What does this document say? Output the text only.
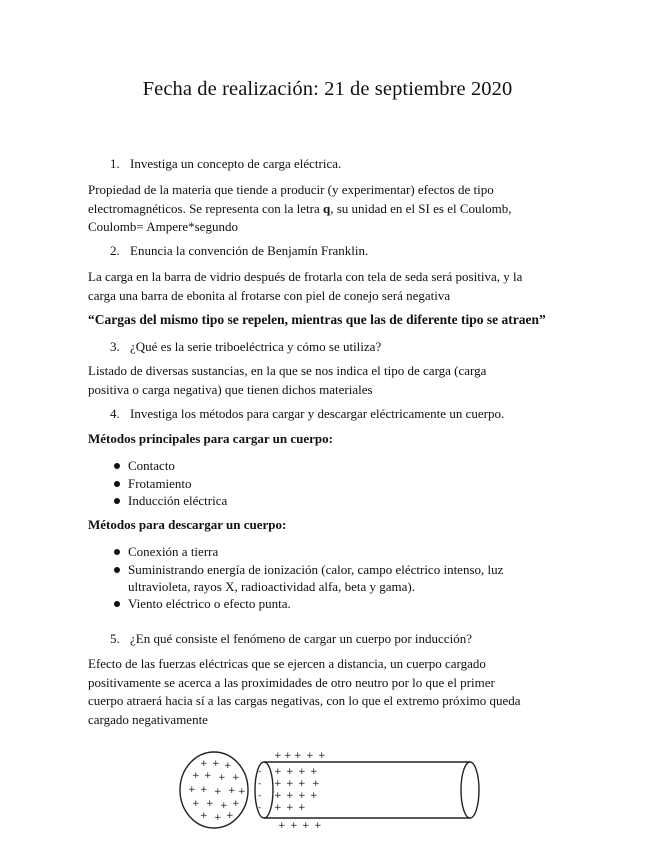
Fecha de realización: 21 de septiembre 2020
1. Investiga un concepto de carga eléctrica.
Propiedad de la materia que tiende a producir (y experimentar) efectos de tipo
electromagnéticos. Se representa con la letra q, su unidad en el SI es el Coulomb,
Coulomb= Ampere*segundo
2. Enuncia la convención de Benjamín Franklin.
La carga en la barra de vidrio después de frotarla con tela de seda será positiva, y la
carga una barra de ebonita al frotarse con piel de conejo será negativa
“Cargas del mismo tipo se repelen, mientras que las de diferente tipo se atraen”
3. ¿Qué es la serie triboeléctrica y cómo se utiliza?
Listado de diversas sustancias, en la que se nos indica el tipo de carga (carga
positiva o carga negativa) que tienen dichos materiales
4. Investiga los métodos para cargar y descargar eléctricamente un cuerpo.
Métodos principales para cargar un cuerpo:
Contacto
Frotamiento
Inducción eléctrica
Métodos para descargar un cuerpo:
Conexión a tierra
Suministrando energía de ionización (calor, campo eléctrico intenso, luz
ultravioleta, rayos X, radioactividad alfa, beta y gama).
Viento eléctrico o efecto punta.
5. ¿En qué consiste el fenómeno de cargar un cuerpo por inducción?
Efecto de las fuerzas eléctricas que se ejercen a distancia, un cuerpo cargado
positivamente se acerca a las proximidades de otro neutro por lo que el primer
cuerpo atraerá hacia sí a las cargas negativas, con lo que el extremo próximo queda
cargado negativamente
+ + +
+ + + +
+ + + + +
+ + + +
+ + +
+ + + + +
-
-
-
-
+ + + +
+ + + +
+ + + +
+ + +
+ + + +
